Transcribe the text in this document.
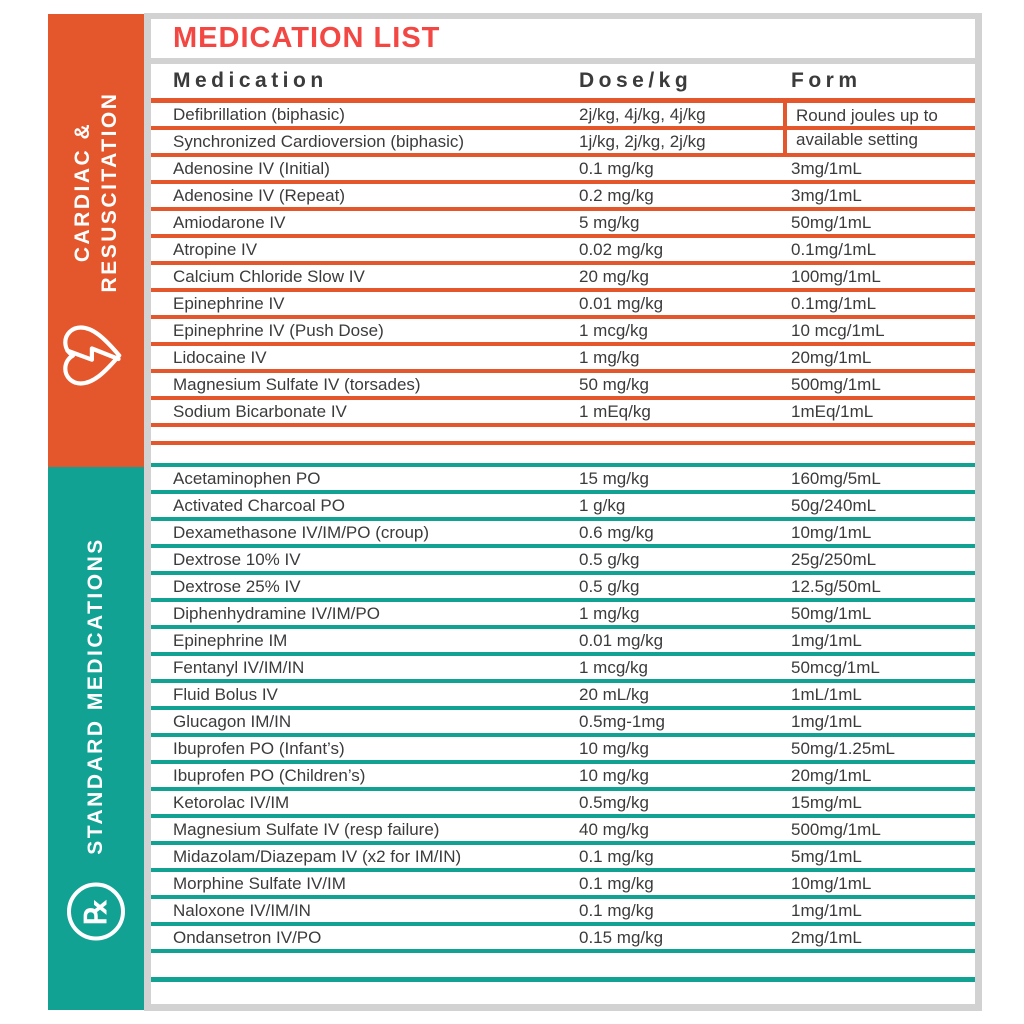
CARDIAC & RESUSCITATION
℞
STANDARD MEDICATIONS
MEDICATION LIST
Medication	Dose/kg	Form
Round joules up to
available setting
Defibrillation (biphasic)	2j/kg, 4j/kg, 4j/kg
Synchronized Cardioversion (biphasic)	1j/kg, 2j/kg, 2j/kg
Adenosine IV (Initial)	0.1 mg/kg	3mg/1mL
Adenosine IV (Repeat)	0.2 mg/kg	3mg/1mL
Amiodarone IV	5 mg/kg	50mg/1mL
Atropine IV	0.02 mg/kg	0.1mg/1mL
Calcium Chloride Slow IV	20 mg/kg	100mg/1mL
Epinephrine IV	0.01 mg/kg	0.1mg/1mL
Epinephrine IV (Push Dose)	1 mcg/kg	10 mcg/1mL
Lidocaine IV	1 mg/kg	20mg/1mL
Magnesium Sulfate IV (torsades)	50 mg/kg	500mg/1mL
Sodium Bicarbonate IV	1 mEq/kg	1mEq/1mL
Acetaminophen PO	15 mg/kg	160mg/5mL
Activated Charcoal PO	1 g/kg	50g/240mL
Dexamethasone IV/IM/PO (croup)	0.6 mg/kg	10mg/1mL
Dextrose 10% IV	0.5 g/kg	25g/250mL
Dextrose 25% IV	0.5 g/kg	12.5g/50mL
Diphenhydramine IV/IM/PO	1 mg/kg	50mg/1mL
Epinephrine IM	0.01 mg/kg	1mg/1mL
Fentanyl IV/IM/IN	1 mcg/kg	50mcg/1mL
Fluid Bolus IV	20 mL/kg	1mL/1mL
Glucagon IM/IN	0.5mg-1mg	1mg/1mL
Ibuprofen PO (Infant’s)	10 mg/kg	50mg/1.25mL
Ibuprofen PO (Children’s)	10 mg/kg	20mg/1mL
Ketorolac IV/IM	0.5mg/kg	15mg/mL
Magnesium Sulfate IV (resp failure)	40 mg/kg	500mg/1mL
Midazolam/Diazepam IV (x2 for IM/IN)	0.1 mg/kg	5mg/1mL
Morphine Sulfate IV/IM	0.1 mg/kg	10mg/1mL
Naloxone IV/IM/IN	0.1 mg/kg	1mg/1mL
Ondansetron IV/PO	0.15 mg/kg	2mg/1mL
